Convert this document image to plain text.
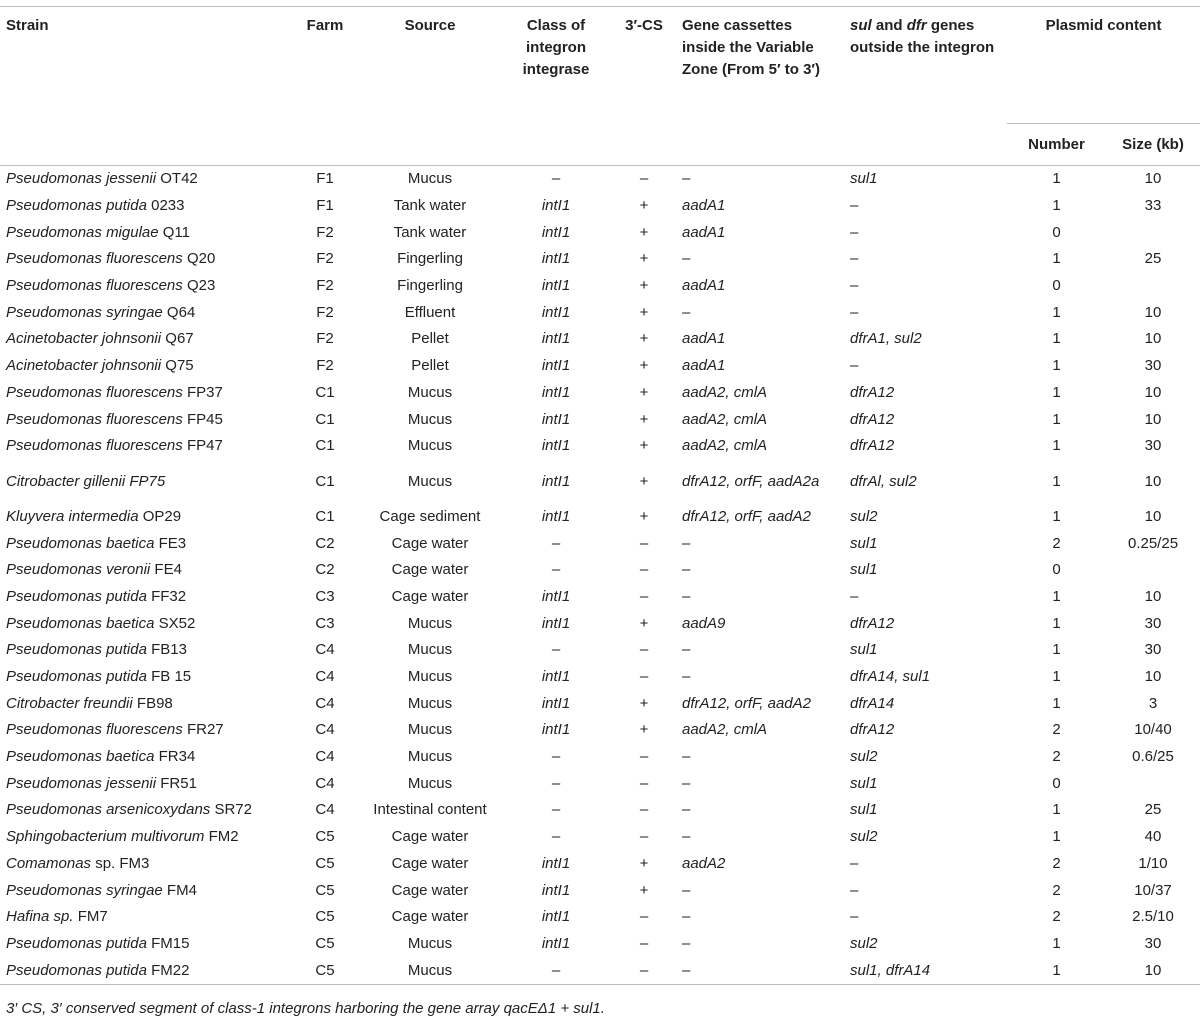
Strain	Farm	Source	Class of integron integrase	3′-CS	Gene cassettes inside the Variable Zone (From 5′ to 3′)	sul and dfr genes outside the integron	Plasmid content	
							Number	Size (kb)
Pseudomonas jessenii OT42	F1	Mucus	–	–	–	sul1	1	10
Pseudomonas putida 0233	F1	Tank water	intI1	+	aadA1	–	1	33
Pseudomonas migulae Q11	F2	Tank water	intI1	+	aadA1	–	0	
Pseudomonas fluorescens Q20	F2	Fingerling	intI1	+	–	–	1	25
Pseudomonas fluorescens Q23	F2	Fingerling	intI1	+	aadA1	–	0	
Pseudomonas syringae Q64	F2	Effluent	intI1	+	–	–	1	10
Acinetobacter johnsonii Q67	F2	Pellet	intI1	+	aadA1	dfrA1, sul2	1	10
Acinetobacter johnsonii Q75	F2	Pellet	intI1	+	aadA1	–	1	30
Pseudomonas fluorescens FP37	C1	Mucus	intI1	+	aadA2, cmlA	dfrA12	1	10
Pseudomonas fluorescens FP45	C1	Mucus	intI1	+	aadA2, cmlA	dfrA12	1	10
Pseudomonas fluorescens FP47	C1	Mucus	intI1	+	aadA2, cmlA	dfrA12	1	30
Citrobacter gillenii FP75	C1	Mucus	intI1	+	dfrA12, orfF, aadA2a	dfrAl, sul2	1	10
Kluyvera intermedia OP29	C1	Cage sediment	intI1	+	dfrA12, orfF, aadA2	sul2	1	10
Pseudomonas baetica FE3	C2	Cage water	–	–	–	sul1	2	0.25/25
Pseudomonas veronii FE4	C2	Cage water	–	–	–	sul1	0	
Pseudomonas putida FF32	C3	Cage water	intI1	–	–	–	1	10
Pseudomonas baetica SX52	C3	Mucus	intI1	+	aadA9	dfrA12	1	30
Pseudomonas putida FB13	C4	Mucus	–	–	–	sul1	1	30
Pseudomonas putida FB 15	C4	Mucus	intI1	–	–	dfrA14, sul1	1	10
Citrobacter freundii FB98	C4	Mucus	intI1	+	dfrA12, orfF, aadA2	dfrA14	1	3
Pseudomonas fluorescens FR27	C4	Mucus	intI1	+	aadA2, cmlA	dfrA12	2	10/40
Pseudomonas baetica FR34	C4	Mucus	–	–	–	sul2	2	0.6/25
Pseudomonas jessenii FR51	C4	Mucus	–	–	–	sul1	0	
Pseudomonas arsenicoxydans SR72	C4	Intestinal content	–	–	–	sul1	1	25
Sphingobacterium multivorum FM2	C5	Cage water	–	–	–	sul2	1	40
Comamonas sp. FM3	C5	Cage water	intI1	+	aadA2	–	2	1/10
Pseudomonas syringae FM4	C5	Cage water	intI1	+	–	–	2	10/37
Hafina sp. FM7	C5	Cage water	intI1	–	–	–	2	2.5/10
Pseudomonas putida FM15	C5	Mucus	intI1	–	–	sul2	1	30
Pseudomonas putida FM22	C5	Mucus	–	–	–	sul1, dfrA14	1	10
3′ CS, 3′ conserved segment of class-1 integrons harboring the gene array qacEΔ1 + sul1.
